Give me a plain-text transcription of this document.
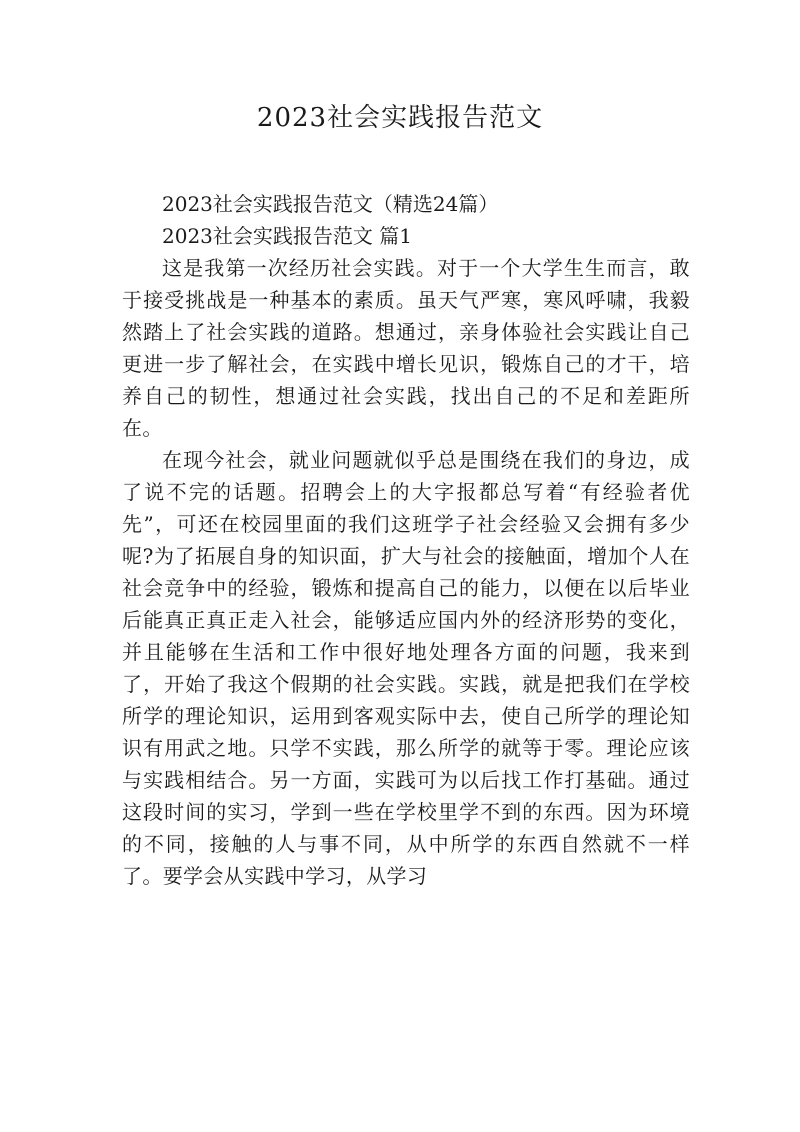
2023社会实践报告范文

2023社会实践报告范文（精选24篇）

2023社会实践报告范文 篇1

这是我第一次经历社会实践。对于一个大学生生而言，敢于接受挑战是一种基本的素质。虽天气严寒，寒风呼啸，我毅然踏上了社会实践的道路。想通过，亲身体验社会实践让自己更进一步了解社会，在实践中增长见识，锻炼自己的才干，培养自己的韧性，想通过社会实践，找出自己的不足和差距所在。

在现今社会，就业问题就似乎总是围绕在我们的身边，成了说不完的话题。招聘会上的大字报都总写着“有经验者优先”，可还在校园里面的我们这班学子社会经验又会拥有多少呢?为了拓展自身的知识面，扩大与社会的接触面，增加个人在社会竞争中的经验，锻炼和提高自己的能力，以便在以后毕业后能真正真正走入社会，能够适应国内外的经济形势的变化，并且能够在生活和工作中很好地处理各方面的问题，我来到了，开始了我这个假期的社会实践。实践，就是把我们在学校所学的理论知识，运用到客观实际中去，使自己所学的理论知识有用武之地。只学不实践，那么所学的就等于零。理论应该与实践相结合。另一方面，实践可为以后找工作打基础。通过这段时间的实习，学到一些在学校里学不到的东西。因为环境的不同，接触的人与事不同，从中所学的东西自然就不一样了。要学会从实践中学习，从学习
